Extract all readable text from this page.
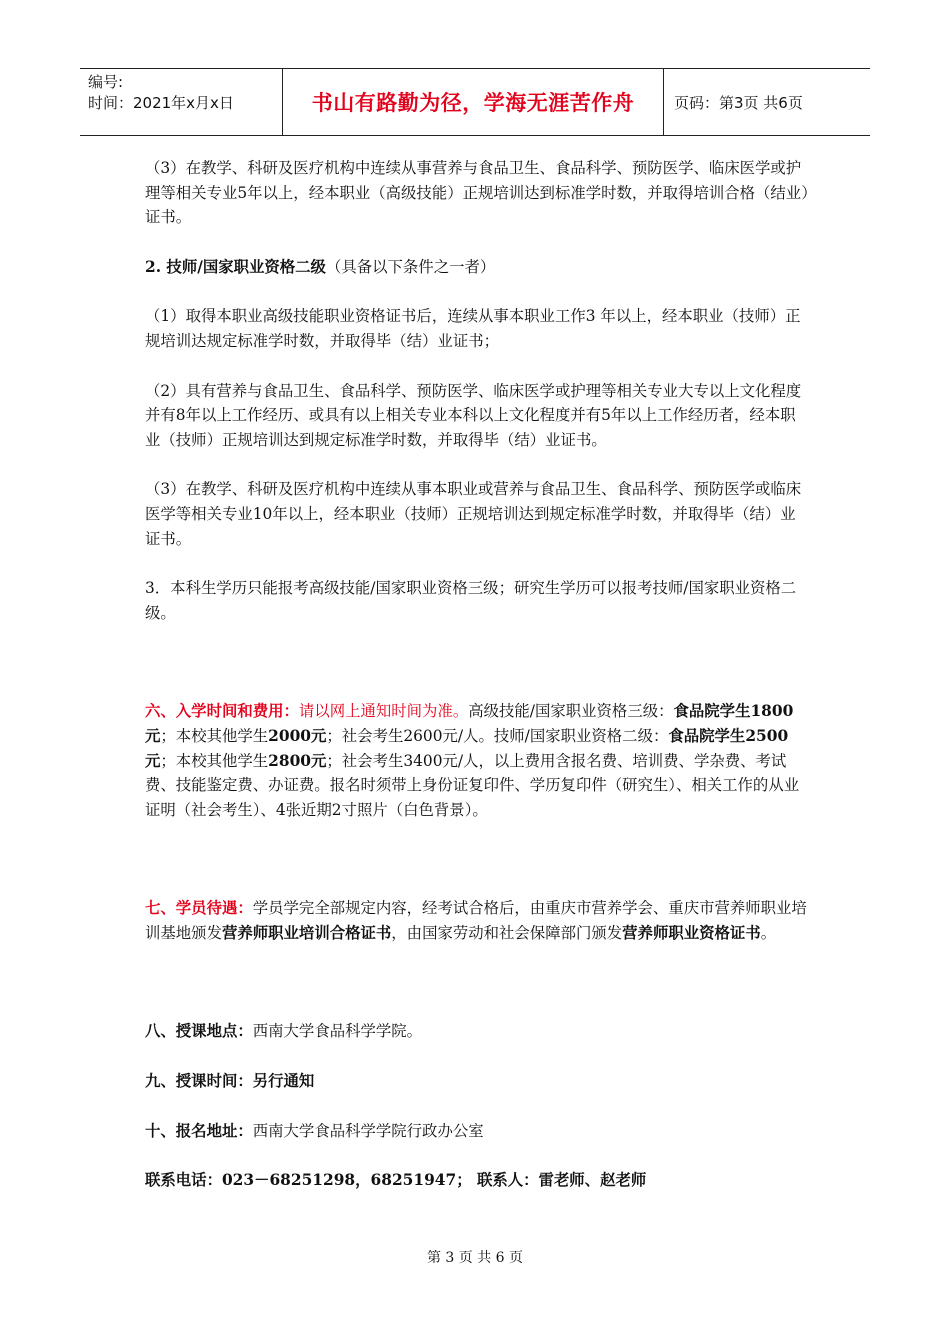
编号:
时间：2021年x月x日	书山有路勤为径，学海无涯苦作舟	页码：第3页 共6页

（3）在教学、科研及医疗机构中连续从事营养与食品卫生、食品科学、预防医学、临床医学或护理等相关专业5年以上，经本职业（高级技能）正规培训达到标准学时数，并取得培训合格（结业）证书。

2. 技师/国家职业资格二级（具备以下条件之一者）

（1）取得本职业高级技能职业资格证书后，连续从事本职业工作3 年以上，经本职业（技师）正规培训达规定标准学时数，并取得毕（结）业证书；

（2）具有营养与食品卫生、食品科学、预防医学、临床医学或护理等相关专业大专以上文化程度并有8年以上工作经历、或具有以上相关专业本科以上文化程度并有5年以上工作经历者，经本职业（技师）正规培训达到规定标准学时数，并取得毕（结）业证书。

（3）在教学、科研及医疗机构中连续从事本职业或营养与食品卫生、食品科学、预防医学或临床医学等相关专业10年以上，经本职业（技师）正规培训达到规定标准学时数，并取得毕（结）业证书。

3．本科生学历只能报考高级技能/国家职业资格三级；研究生学历可以报考技师/国家职业资格二级。

六、入学时间和费用：请以网上通知时间为准。高级技能/国家职业资格三级：食品院学生1800元；本校其他学生2000元；社会考生2600元/人。技师/国家职业资格二级：食品院学生2500元；本校其他学生2800元；社会考生3400元/人，以上费用含报名费、培训费、学杂费、考试费、技能鉴定费、办证费。报名时须带上身份证复印件、学历复印件（研究生）、相关工作的从业证明（社会考生）、4张近期2寸照片（白色背景）。

七、学员待遇：学员学完全部规定内容，经考试合格后，由重庆市营养学会、重庆市营养师职业培训基地颁发营养师职业培训合格证书，由国家劳动和社会保障部门颁发营养师职业资格证书。

八、授课地点：西南大学食品科学学院。

九、授课时间：另行通知

十、报名地址：西南大学食品科学学院行政办公室

联系电话：023－68251298，68251947； 联系人：雷老师、赵老师

第 3 页 共 6 页
